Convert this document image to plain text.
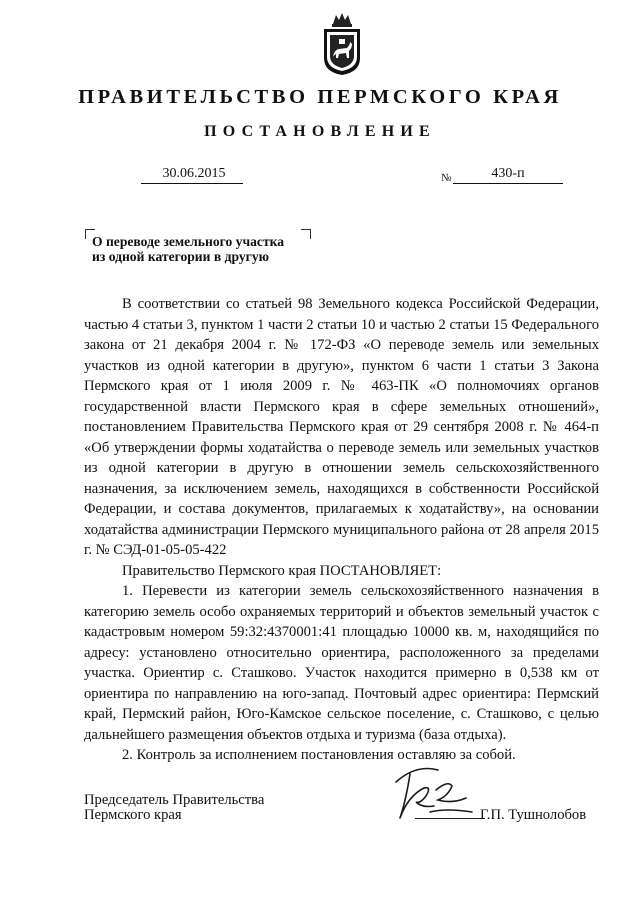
ПРАВИТЕЛЬСТВО ПЕРМСКОГО КРАЯ
ПОСТАНОВЛЕНИЕ
30.06.2015	№	430-п
О переводе земельного участка
из одной категории в другую

В соответствии со статьей 98 Земельного кодекса Российской Федерации, частью 4 статьи 3, пунктом 1 части 2 статьи 10 и частью 2 статьи 15 Федерального закона от 21 декабря 2004 г. № 172-ФЗ «О переводе земель или земельных участков из одной категории в другую», пунктом 6 части 1 статьи 3 Закона Пермского края от 1 июля 2009 г. № 463-ПК «О полномочиях органов государственной власти Пермского края в сфере земельных отношений», постановлением Правительства Пермского края от 29 сентября 2008 г. № 464-п «Об утверждении формы ходатайства о переводе земель или земельных участков из одной категории в другую в отношении земель сельскохозяйственного назначения, за исключением земель, находящихся в собственности Российской Федерации, и состава документов, прилагаемых к ходатайству», на основании ходатайства администрации Пермского муниципального района от 28 апреля 2015 г. № СЭД-01-05-05-422

Правительство Пермского края ПОСТАНОВЛЯЕТ:

1. Перевести из категории земель сельскохозяйственного назначения в категорию земель особо охраняемых территорий и объектов земельный участок с кадастровым номером 59:32:4370001:41 площадью 10000 кв. м, находящийся по адресу: установлено относительно ориентира, расположенного за пределами участка. Ориентир с. Сташково. Участок находится примерно в 0,538 км от ориентира по направлению на юго-запад. Почтовый адрес ориентира: Пермский край, Пермский район, Юго-Камское сельское поселение, с. Сташково, с целью дальнейшего размещения объектов отдыха и туризма (база отдыха).

2. Контроль за исполнением постановления оставляю за собой.

Председатель Правительства
Пермского края	Г.П. Тушнолобов
